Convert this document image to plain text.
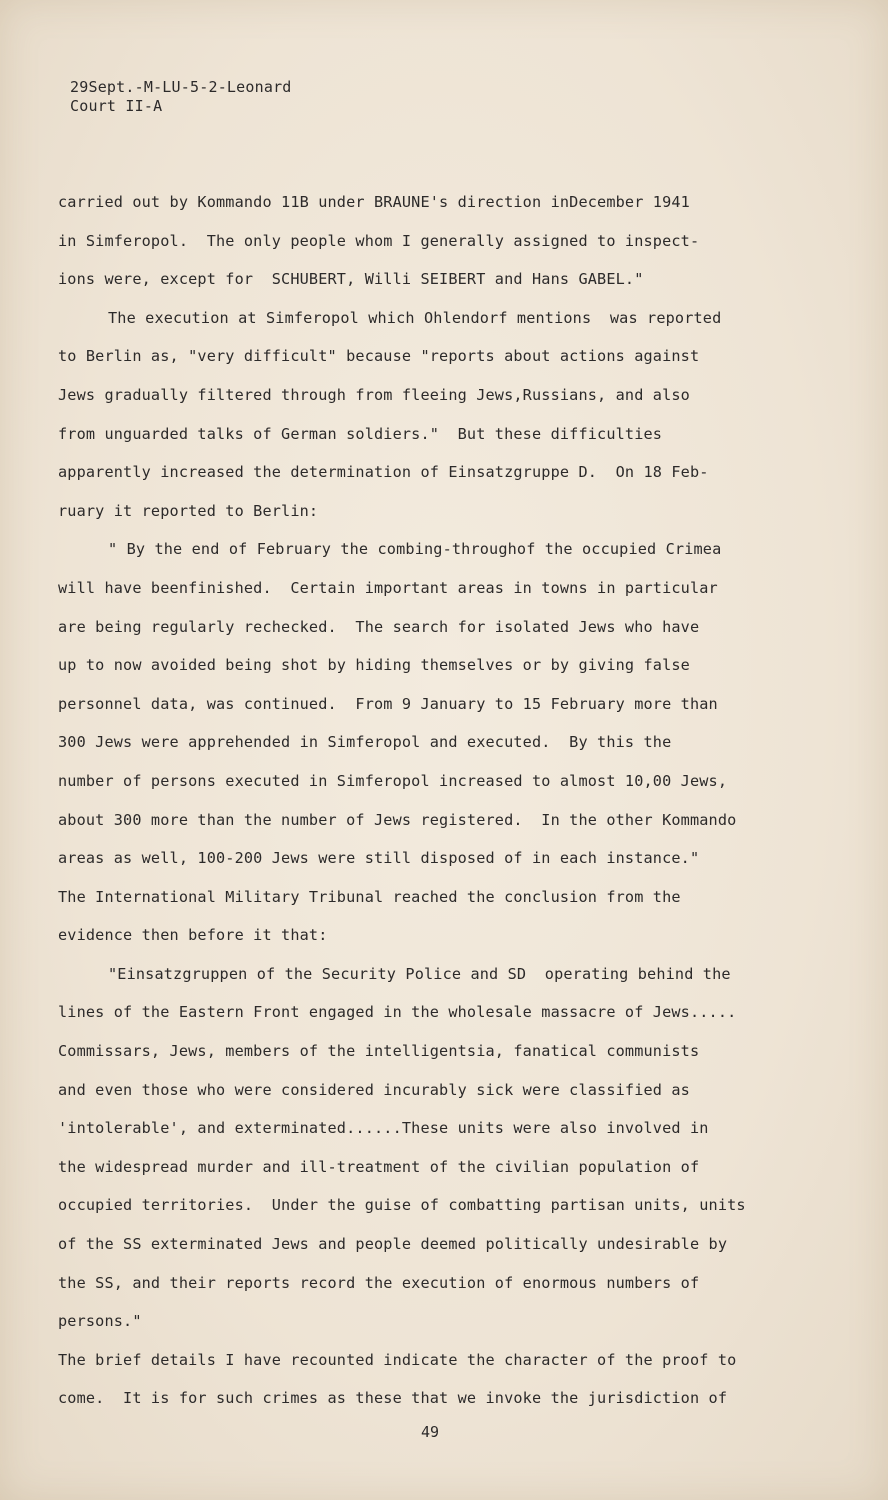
29Sept.-M-LU-5-2-Leonard
Court II-A
carried out by Kommando 11B under BRAUNE's direction inDecember 1941
in Simferopol.  The only people whom I generally assigned to inspect-
ions were, except for  SCHUBERT, Willi SEIBERT and Hans GABEL."
The execution at Simferopol which Ohlendorf mentions  was reported
to Berlin as, "very difficult" because "reports about actions against
Jews gradually filtered through from fleeing Jews,Russians, and also
from unguarded talks of German soldiers."  But these difficulties
apparently increased the determination of Einsatzgruppe D.  On 18 Feb-
ruary it reported to Berlin:
" By the end of February the combing-throughof the occupied Crimea
will have beenfinished.  Certain important areas in towns in particular
are being regularly rechecked.  The search for isolated Jews who have
up to now avoided being shot by hiding themselves or by giving false
personnel data, was continued.  From 9 January to 15 February more than
300 Jews were apprehended in Simferopol and executed.  By this the
number of persons executed in Simferopol increased to almost 10,00 Jews,
about 300 more than the number of Jews registered.  In the other Kommando
areas as well, 100-200 Jews were still disposed of in each instance."
The International Military Tribunal reached the conclusion from the
evidence then before it that:
"Einsatzgruppen of the Security Police and SD  operating behind the
lines of the Eastern Front engaged in the wholesale massacre of Jews.....
Commissars, Jews, members of the intelligentsia, fanatical communists
and even those who were considered incurably sick were classified as
'intolerable', and exterminated......These units were also involved in
the widespread murder and ill-treatment of the civilian population of
occupied territories.  Under the guise of combatting partisan units, units
of the SS exterminated Jews and people deemed politically undesirable by
the SS, and their reports record the execution of enormous numbers of
persons."
The brief details I have recounted indicate the character of the proof to
come.  It is for such crimes as these that we invoke the jurisdiction of
49
